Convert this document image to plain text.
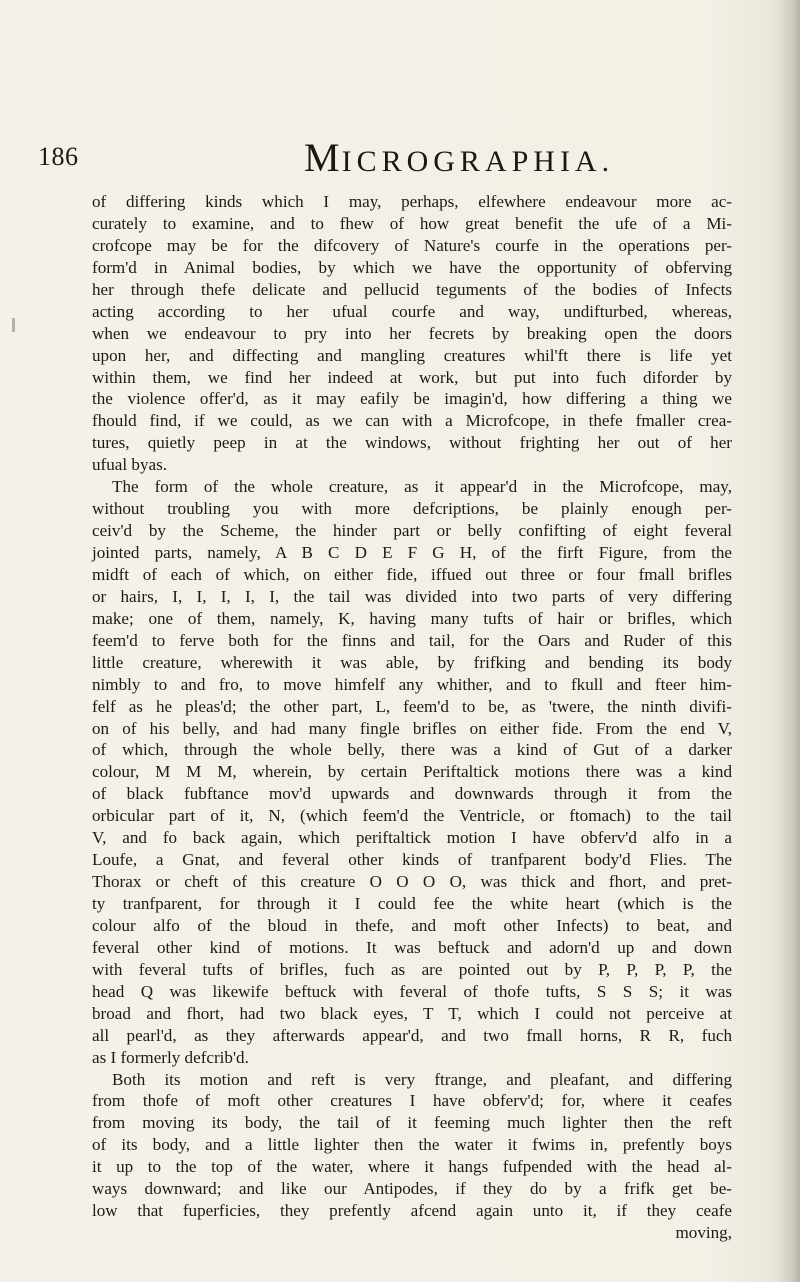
186	MICROGRAPHIA.
of differing kinds which I may, perhaps, elfewhere endeavour more ac-
curately to examine, and to fhew of how great benefit the ufe of a Mi-
crofcope may be for the difcovery of Nature's courfe in the operations per-
form'd in Animal bodies, by which we have the opportunity of obferving
her through thefe delicate and pellucid teguments of the bodies of Infects
acting according to her ufual courfe and way, undifturbed, whereas,
when we endeavour to pry into her fecrets by breaking open the doors
upon her, and diffecting and mangling creatures whil'ft there is life yet
within them, we find her indeed at work, but put into fuch diforder by
the violence offer'd, as it may eafily be imagin'd, how differing a thing we
fhould find, if we could, as we can with a Microfcope, in thefe fmaller crea-
tures, quietly peep in at the windows, without frighting her out of her
ufual byas.
The form of the whole creature, as it appear'd in the Microfcope, may,
without troubling you with more defcriptions, be plainly enough per-
ceiv'd by the Scheme, the hinder part or belly confifting of eight feveral
jointed parts, namely, A B C D E F G H, of the firft Figure, from the
midft of each of which, on either fide, iffued out three or four fmall brifles
or hairs, I, I, I, I, I, the tail was divided into two parts of very differing
make; one of them, namely, K, having many tufts of hair or brifles, which
feem'd to ferve both for the finns and tail, for the Oars and Ruder of this
little creature, wherewith it was able, by frifking and bending its body
nimbly to and fro, to move himfelf any whither, and to fkull and fteer him-
felf as he pleas'd; the other part, L, feem'd to be, as 'twere, the ninth divifi-
on of his belly, and had many fingle brifles on either fide. From the end V,
of which, through the whole belly, there was a kind of Gut of a darker
colour, M M M, wherein, by certain Periftaltick motions there was a kind
of black fubftance mov'd upwards and downwards through it from the
orbicular part of it, N, (which feem'd the Ventricle, or ftomach) to the tail
V, and fo back again, which periftaltick motion I have obferv'd alfo in a
Loufe, a Gnat, and feveral other kinds of tranfparent body'd Flies. The
Thorax or cheft of this creature O O O O, was thick and fhort, and pret-
ty tranfparent, for through it I could fee the white heart (which is the
colour alfo of the bloud in thefe, and moft other Infects) to beat, and
feveral other kind of motions. It was beftuck and adorn'd up and down
with feveral tufts of brifles, fuch as are pointed out by P, P, P, P, the
head Q was likewife beftuck with feveral of thofe tufts, S S S; it was
broad and fhort, had two black eyes, T T, which I could not perceive at
all pearl'd, as they afterwards appear'd, and two fmall horns, R R, fuch
as I formerly defcrib'd.
Both its motion and reft is very ftrange, and pleafant, and differing
from thofe of moft other creatures I have obferv'd; for, where it ceafes
from moving its body, the tail of it feeming much lighter then the reft
of its body, and a little lighter then the water it fwims in, prefently boys
it up to the top of the water, where it hangs fufpended with the head al-
ways downward; and like our Antipodes, if they do by a frifk get be-
low that fuperficies, they prefently afcend again unto it, if they ceafe
moving,
